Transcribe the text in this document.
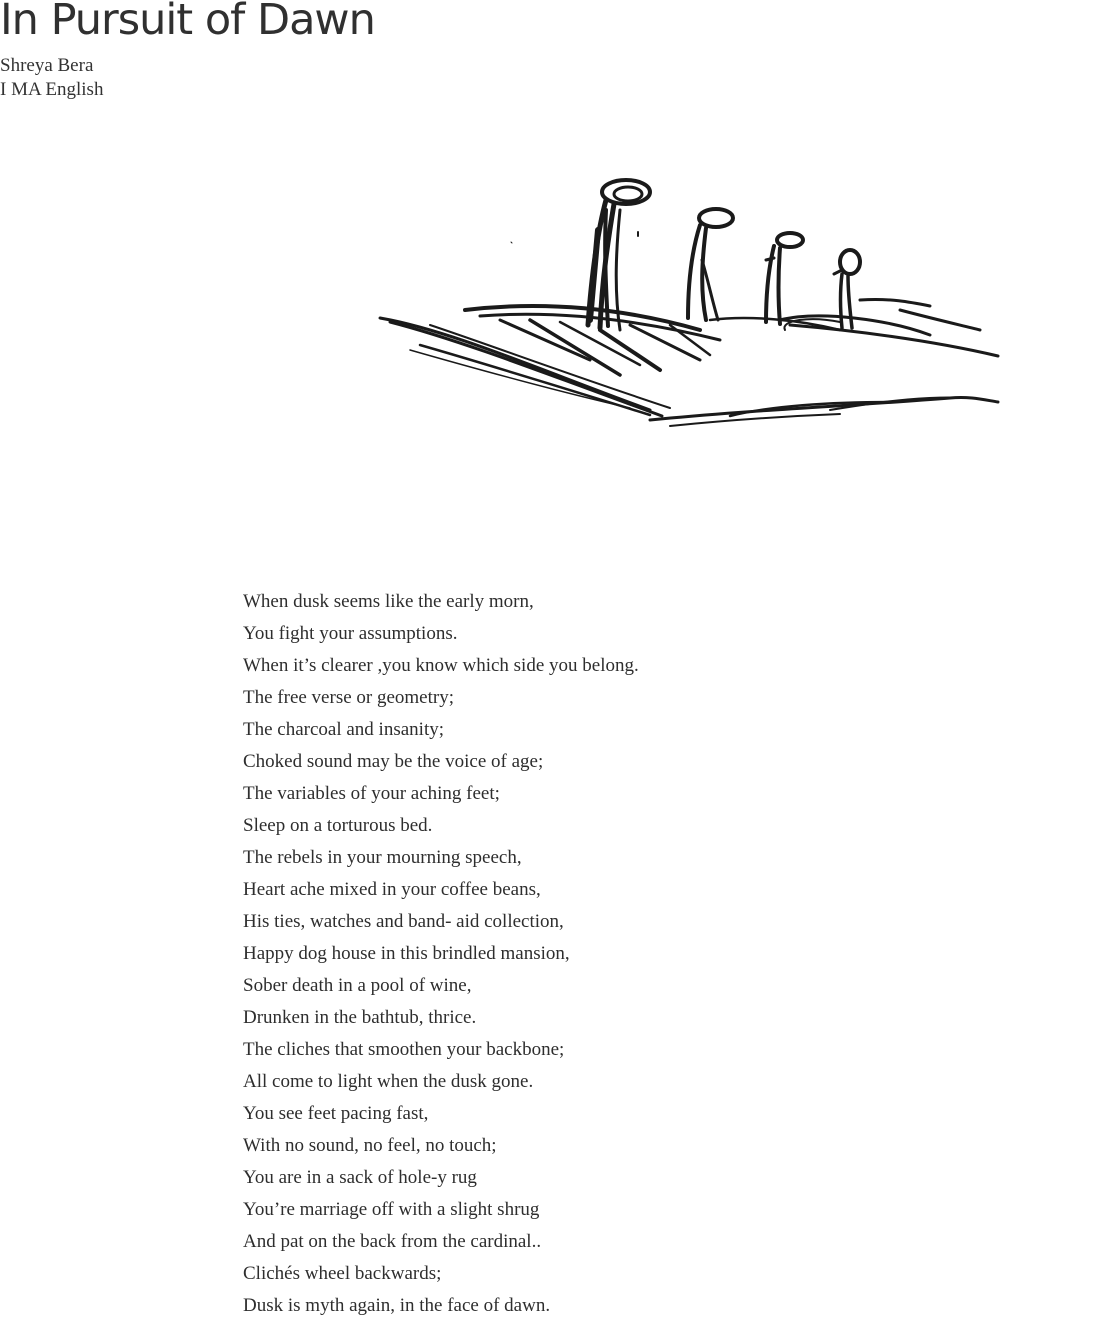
In Pursuit of Dawn
Shreya Bera
I MA English
When dusk seems like the early morn,
You fight your assumptions.
When it’s clearer ,you know which side you belong.
The free verse or geometry;
The charcoal and insanity;
Choked sound may be the voice of age;
The variables of your aching feet;
Sleep on a torturous bed.
The rebels in your mourning speech,
Heart ache mixed in your coffee beans,
His ties, watches and band- aid collection,
Happy dog house in this brindled mansion,
Sober death in a pool of wine,
Drunken in the bathtub, thrice.
The cliches that smoothen your backbone;
All come to light when the dusk gone.
You see feet pacing fast,
With no sound, no feel, no touch;
You are in a sack of hole-y rug
You’re marriage off with a slight shrug
And pat on the back from the cardinal..
Clichés wheel backwards;
Dusk is myth again, in the face of dawn.
